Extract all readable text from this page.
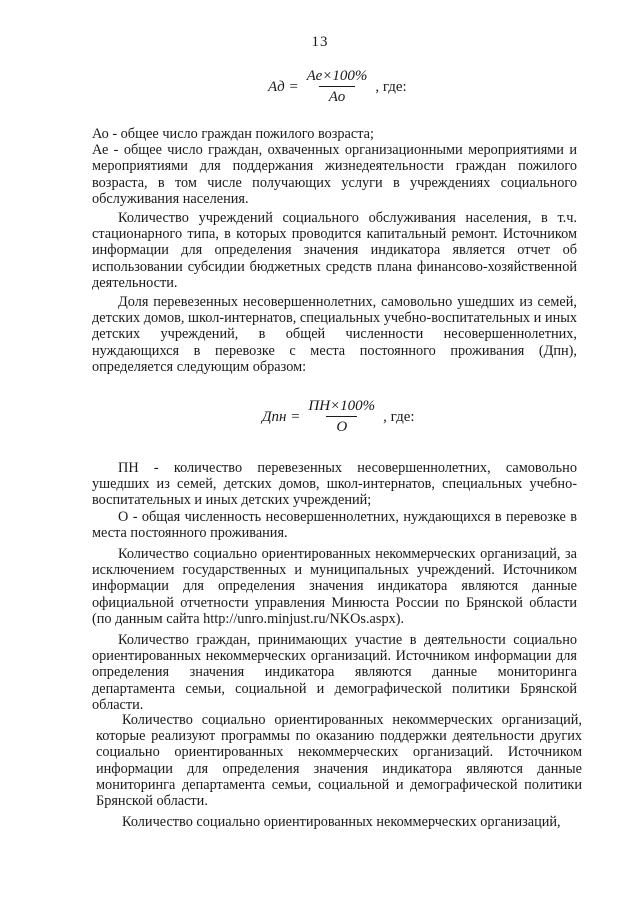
13
Ад = $\frac{Ае\times 100\%}{Ао}$ , где:

Ао - общее число граждан пожилого возраста;

Ае - общее число граждан, охваченных организационными мероприятиями и мероприятиями для поддержания жизнедеятельности граждан пожилого возраста, в том числе получающих услуги в учреждениях социального обслуживания населения.

Количество учреждений социального обслуживания населения, в т.ч. стационарного типа, в которых проводится капитальный ремонт. Источником информации для определения значения индикатора является отчет об использовании субсидии бюджетных средств плана финансово-хозяйственной деятельности.

Доля перевезенных несовершеннолетних, самовольно ушедших из семей, детских домов, школ-интернатов, специальных учебно-воспитательных и иных детских учреждений, в общей численности несовершеннолетних, нуждающихся в перевозке с места постоянного проживания (Дпн), определяется следующим образом:

Дпн = $\frac{ПН\times 100\%}{О}$ , где:

ПН - количество перевезенных несовершеннолетних, самовольно ушедших из семей, детских домов, школ-интернатов, специальных учебно-воспитательных и иных детских учреждений;

О - общая численность несовершеннолетних, нуждающихся в перевозке в места постоянного проживания.

Количество социально ориентированных некоммерческих организаций, за исключением государственных и муниципальных учреждений. Источником информации для определения значения индикатора являются данные официальной отчетности управления Минюста России по Брянской области (по данным сайта http://unro.minjust.ru/NKOs.aspx).

Количество граждан, принимающих участие в деятельности социально ориентированных некоммерческих организаций. Источником информации для определения значения индикатора являются данные мониторинга департамента семьи, социальной и демографической политики Брянской области.

Количество социально ориентированных некоммерческих организаций, которые реализуют программы по оказанию поддержки деятельности других социально ориентированных некоммерческих организаций. Источником информации для определения значения индикатора являются данные мониторинга департамента семьи, социальной и демографической политики Брянской области.

Количество социально ориентированных некоммерческих организаций,
